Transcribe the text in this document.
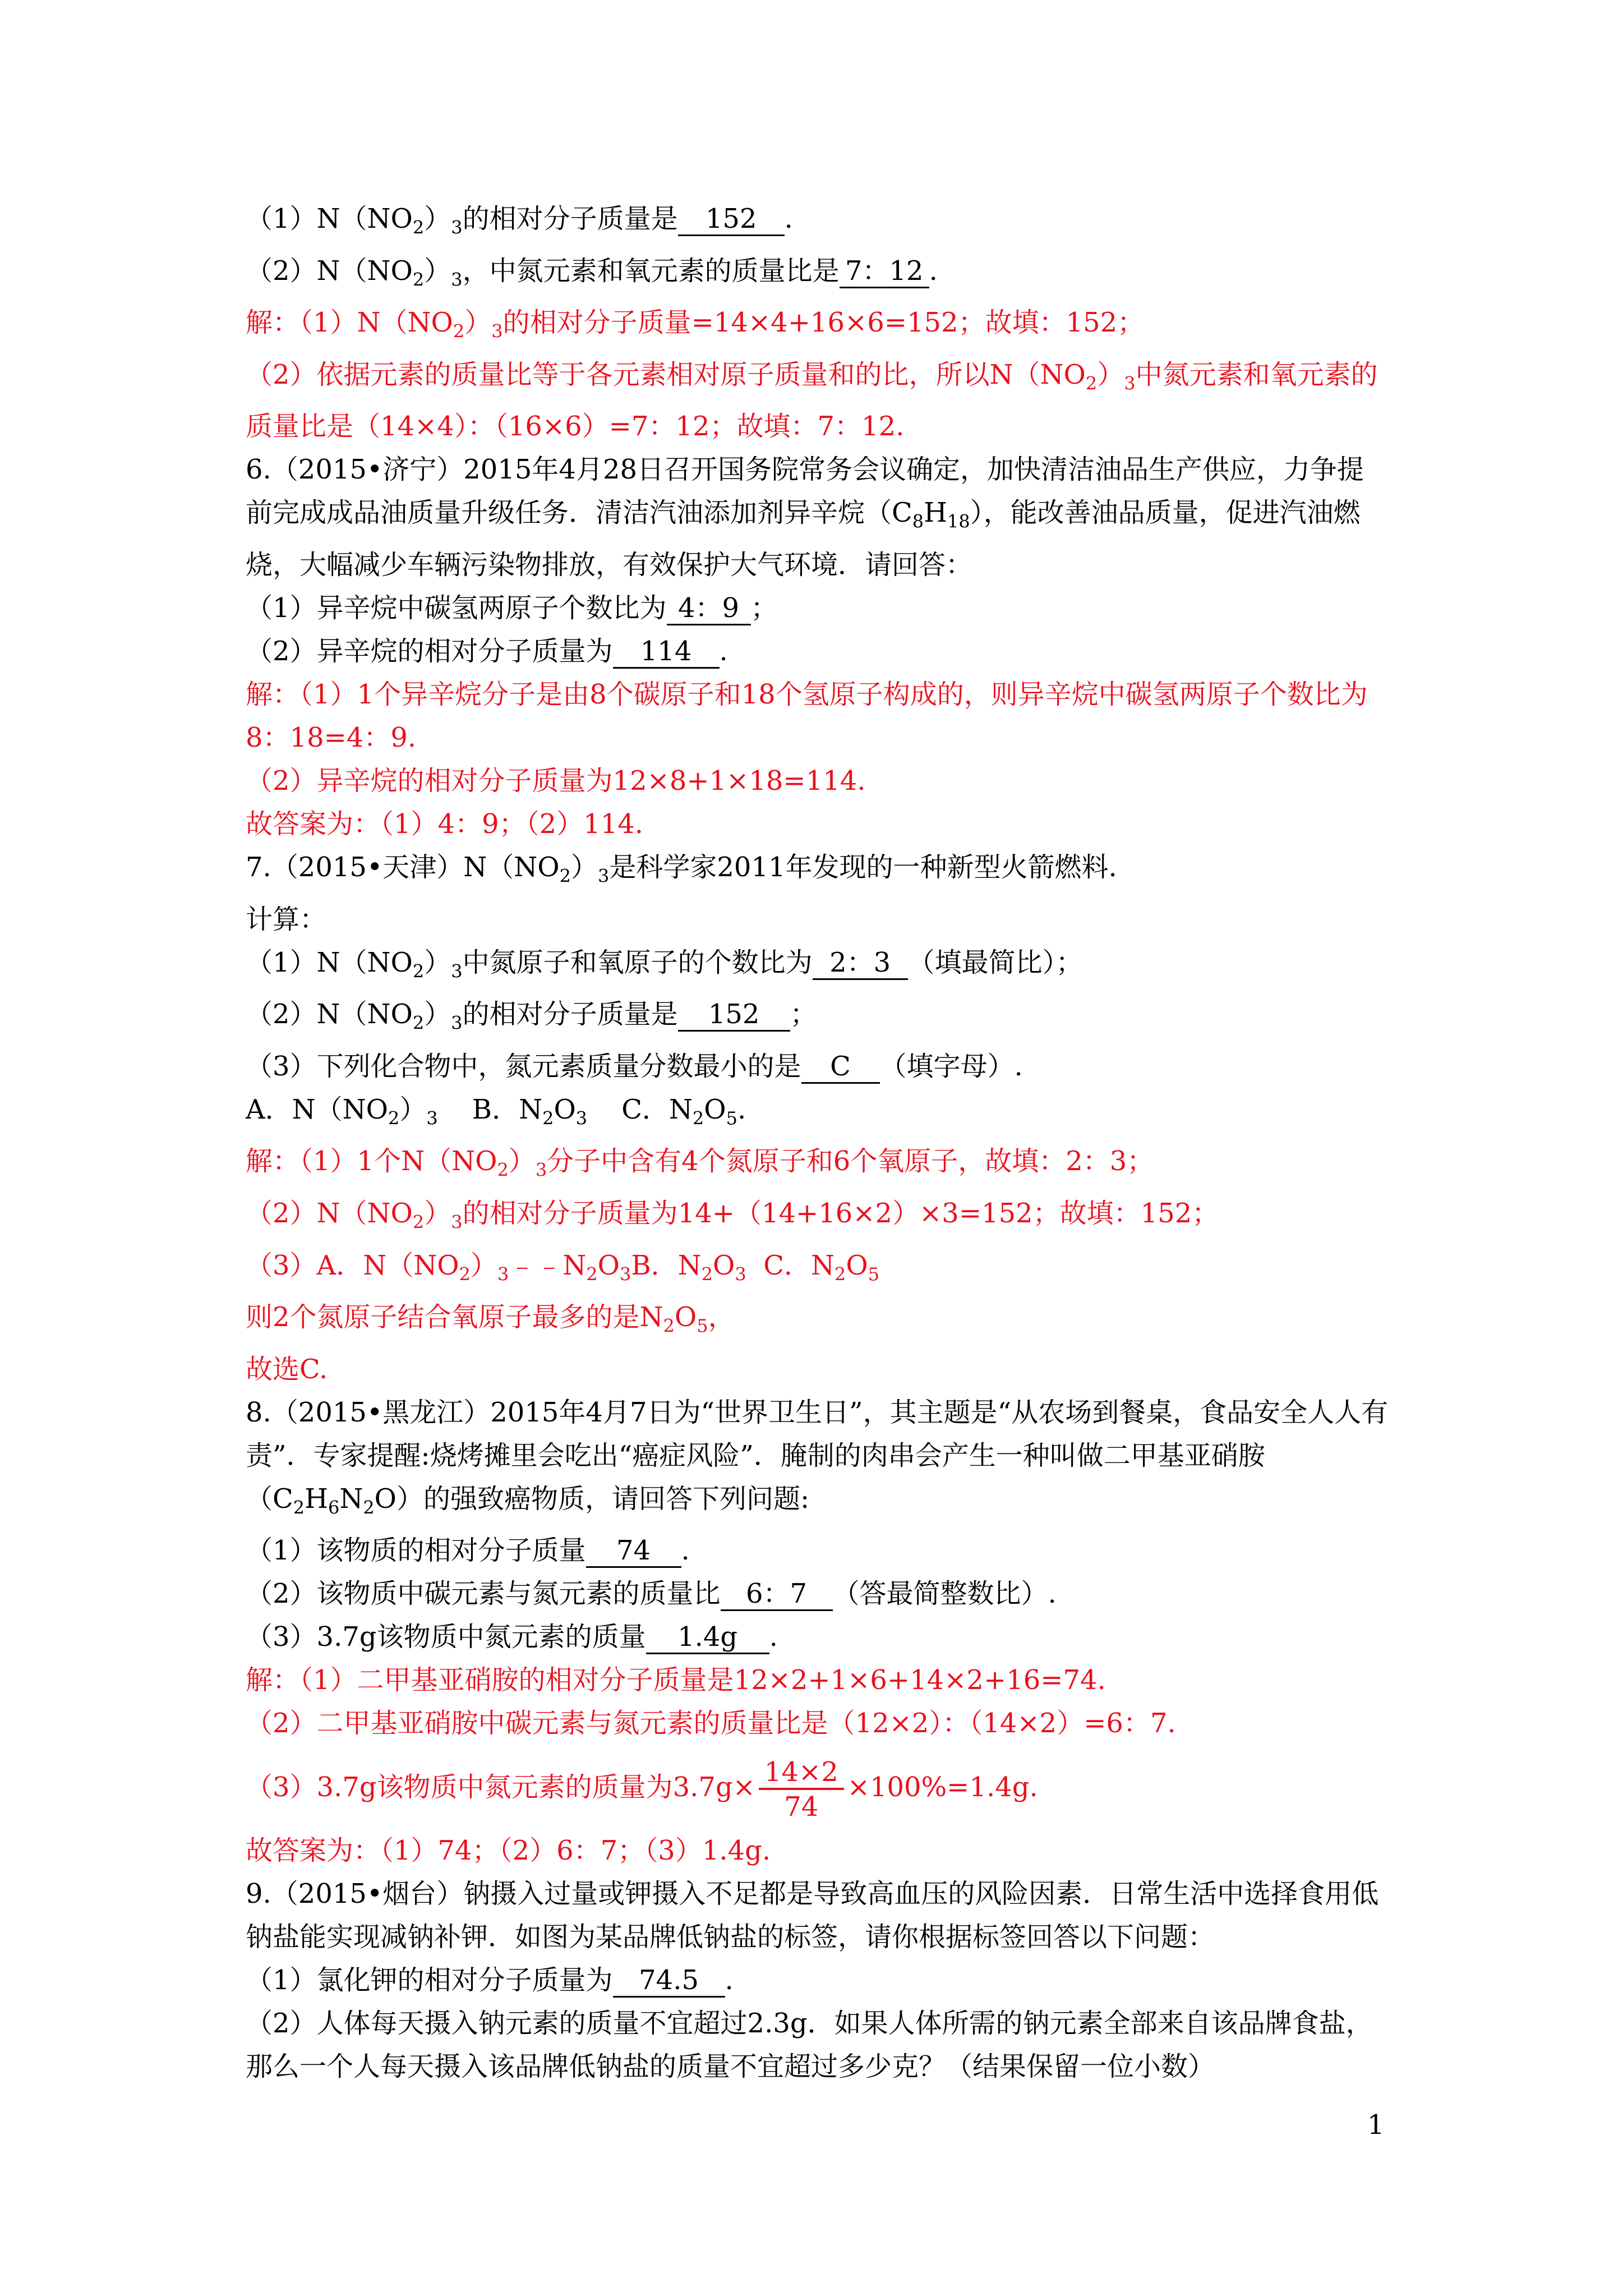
$(1)N(NO_2)_3$的相对分子质量是 152 .

$(2)N(NO_2)_3$，中氮元素和氧元素的质量比是 7：12 .

解：$(1)N(NO_2)_3$的相对分子质量=14×4+16×6=152；故填：152；

（2）依据元素的质量比等于各元素相对原子质量和的比，所以$N(NO_2)_3$中氮元素和氧元素的质量比是（14×4）：（16×6）=7：12；故填：7：12.

6.（2015•济宁）2015年4月28日召开国务院常务会议确定，加快清洁油品生产供应，力争提前完成成品油质量升级任务．清洁汽油添加剂异辛烷$(C_8H_{18})$，能改善油品质量，促进汽油燃烧，大幅减少车辆污染物排放，有效保护大气环境．请回答：

（1）异辛烷中碳氢两原子个数比为 4：9 ；

（2）异辛烷的相对分子质量为 114 .

解：（1）1个异辛烷分子是由8个碳原子和18个氢原子构成的，则异辛烷中碳氢两原子个数比为8：18=4：9.

（2）异辛烷的相对分子质量为12×8+1×18=114.

故答案为：（1）4：9；（2）114.

7.（2015•天津）$N(NO_2)_3$是科学家2011年发现的一种新型火箭燃料.

计算：

$(1)N(NO_2)_3$中氮原子和氧原子的个数比为 2：3 （填最简比）；

$(2)N(NO_2)_3$的相对分子质量是 152 ；

（3）下列化合物中，氮元素质量分数最小的是 C （填字母）.

A．$N(NO_2)_3$ B．$N_2O_3$ C．$N_2O_5$.

解：（1）1个$N(NO_2)_3$分子中含有4个氮原子和6个氧原子，故填：2：3；

$(2)N(NO_2)_3$的相对分子质量为14+（14+16×2）×3=152；故填：152；

（3）A．$N(NO_2)_3﹣﹣N_2O_3B$．$N_2O_3$ C．$N_2O_5$

则2个氮原子结合氧原子最多的是$N_2O_5$，

故选C.

8.（2015•黑龙江）2015年4月7日为“世界卫生日”，其主题是“从农场到餐桌，食品安全人人有责”．专家提醒:烧烤摊里会吃出“癌症风险”．腌制的肉串会产生一种叫做二甲基亚硝胺$(C_2H_6N_2O)$的强致癌物质，请回答下列问题:

（1）该物质的相对分子质量 74 .

（2）该物质中碳元素与氮元素的质量比 6：7 （答最简整数比）.

（3）3.7g该物质中氮元素的质量 1.4g .

解：（1）二甲基亚硝胺的相对分子质量是12×2+1×6+14×2+16=74.

（2）二甲基亚硝胺中碳元素与氮元素的质量比是（12×2）：（14×2）=6：7.

（3）3.7g该物质中氮元素的质量为$3.7g\times \frac{14\times 2}{74} \times 100\%=1.4g$.

故答案为：（1）74；（2）6：7；（3）1.4g.

9.（2015•烟台）钠摄入过量或钾摄入不足都是导致高血压的风险因素．日常生活中选择食用低钠盐能实现减钠补钾．如图为某品牌低钠盐的标签，请你根据标签回答以下问题：

（1）氯化钾的相对分子质量为 74.5 .

（2）人体每天摄入钠元素的质量不宜超过2.3g．如果人体所需的钠元素全部来自该品牌食盐，那么一个人每天摄入该品牌低钠盐的质量不宜超过多少克？（结果保留一位小数）

1
